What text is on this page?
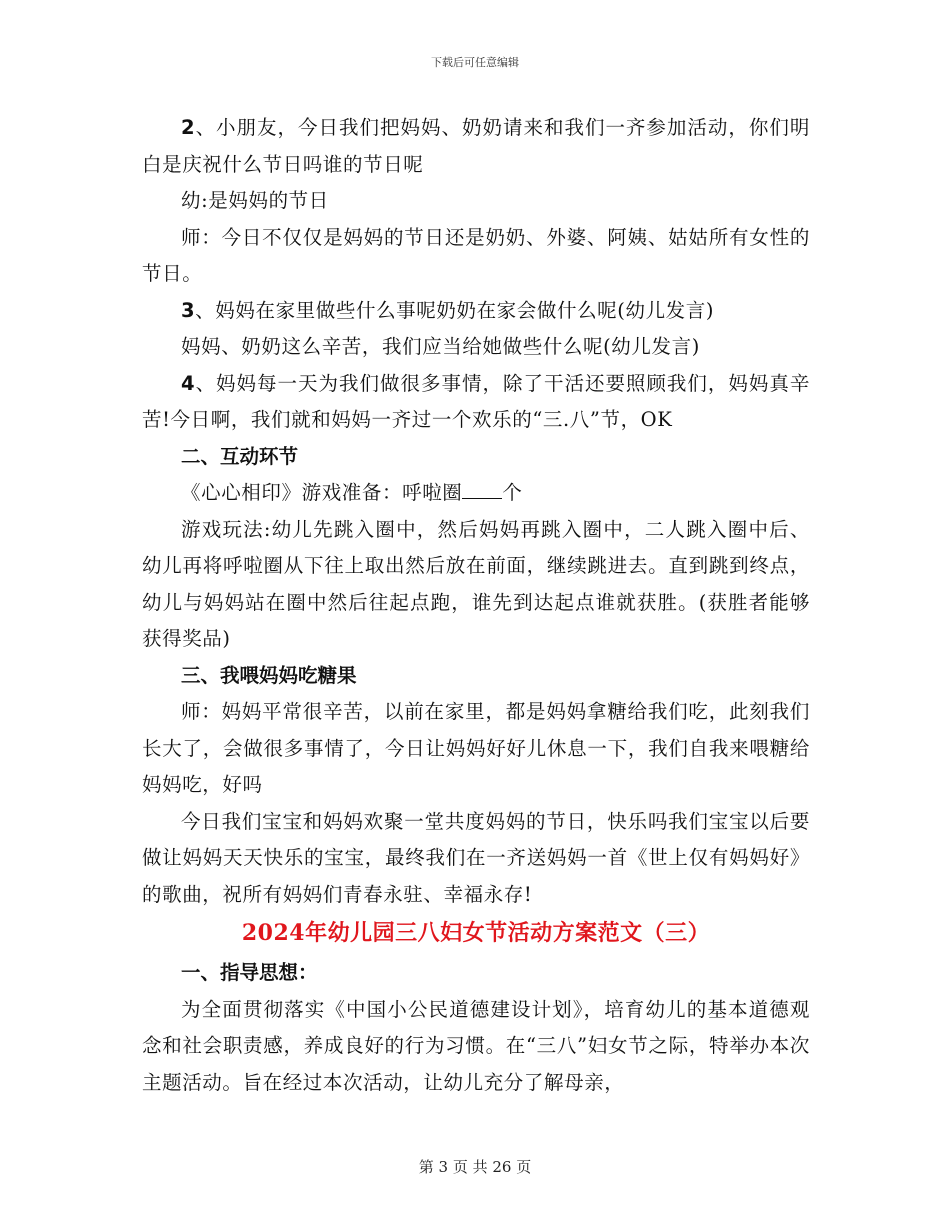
下载后可任意编辑

2、小朋友，今日我们把妈妈、奶奶请来和我们一齐参加活动，你们明白是庆祝什么节日吗谁的节日呢

幼:是妈妈的节日

师：今日不仅仅是妈妈的节日还是奶奶、外婆、阿姨、姑姑所有女性的节日。

3、妈妈在家里做些什么事呢奶奶在家会做什么呢(幼儿发言)

妈妈、奶奶这么辛苦，我们应当给她做些什么呢(幼儿发言)

4、妈妈每一天为我们做很多事情，除了干活还要照顾我们，妈妈真辛苦!今日啊，我们就和妈妈一齐过一个欢乐的“三.八”节，OK

二、互动环节

《心心相印》游戏准备：呼啦圈 个

游戏玩法:幼儿先跳入圈中，然后妈妈再跳入圈中，二人跳入圈中后、幼儿再将呼啦圈从下往上取出然后放在前面，继续跳进去。直到跳到终点，幼儿与妈妈站在圈中然后往起点跑，谁先到达起点谁就获胜。(获胜者能够获得奖品)

三、我喂妈妈吃糖果

师：妈妈平常很辛苦，以前在家里，都是妈妈拿糖给我们吃，此刻我们长大了，会做很多事情了，今日让妈妈好好儿休息一下，我们自我来喂糖给妈妈吃，好吗

今日我们宝宝和妈妈欢聚一堂共度妈妈的节日，快乐吗我们宝宝以后要做让妈妈天天快乐的宝宝，最终我们在一齐送妈妈一首《世上仅有妈妈好》的歌曲，祝所有妈妈们青春永驻、幸福永存!

2024年幼儿园三八妇女节活动方案范文（三）

一、指导思想：

为全面贯彻落实《中国小公民道德建设计划》，培育幼儿的基本道德观念和社会职责感，养成良好的行为习惯。在“三八”妇女节之际，特举办本次主题活动。旨在经过本次活动，让幼儿充分了解母亲，

第 3 页 共 26 页
